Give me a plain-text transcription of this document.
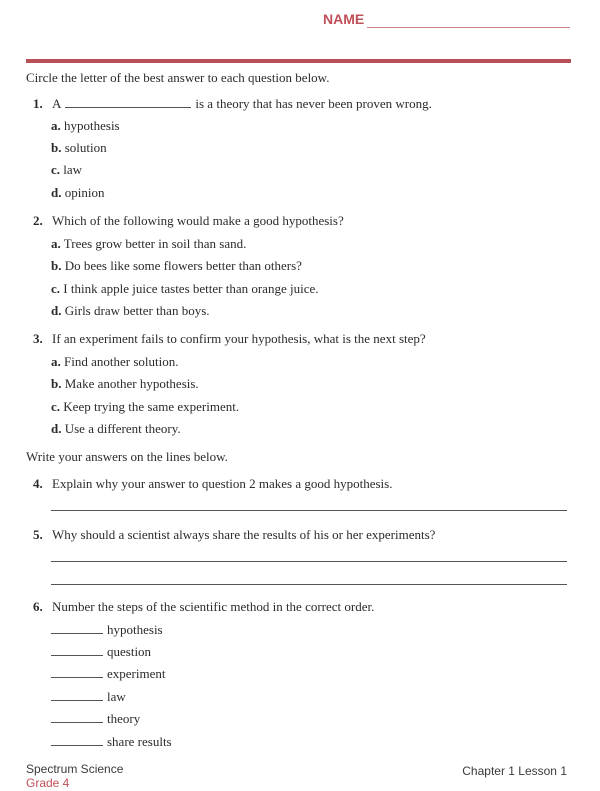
NAME
Circle the letter of the best answer to each question below.
1. A	is a theory that has never been proven wrong.
a. hypothesis
b. solution
c. law
d. opinion
2. Which of the following would make a good hypothesis?
a. Trees grow better in soil than sand.
b. Do bees like some flowers better than others?
c. I think apple juice tastes better than orange juice.
d. Girls draw better than boys.
3. If an experiment fails to confirm your hypothesis, what is the next step?
a. Find another solution.
b. Make another hypothesis.
c. Keep trying the same experiment.
d. Use a different theory.
Write your answers on the lines below.
4. Explain why your answer to question 2 makes a good hypothesis.
5. Why should a scientist always share the results of his or her experiments?
6. Number the steps of the scientific method in the correct order.
hypothesis
question
experiment
law
theory
share results
Spectrum Science
Grade 4
Chapter 1 Lesson 1
